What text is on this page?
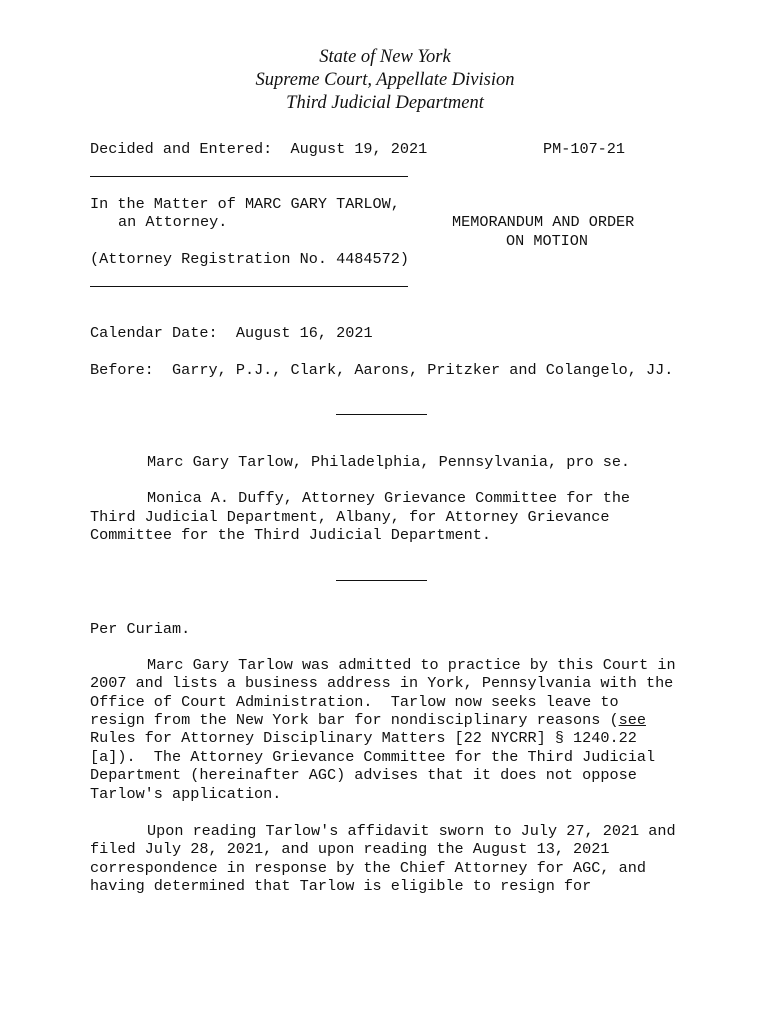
State of New York
Supreme Court, Appellate Division
Third Judicial Department
Decided and Entered: August 19, 2021	PM-107-21
In the Matter of MARC GARY TARLOW,
an Attorney.	MEMORANDUM AND ORDER
ON MOTION
(Attorney Registration No. 4484572)
Calendar Date: August 16, 2021
Before: Garry, P.J., Clark, Aarons, Pritzker and Colangelo, JJ.
Marc Gary Tarlow, Philadelphia, Pennsylvania, pro se.
Monica A. Duffy, Attorney Grievance Committee for the
Third Judicial Department, Albany, for Attorney Grievance
Committee for the Third Judicial Department.
Per Curiam.
Marc Gary Tarlow was admitted to practice by this Court in
2007 and lists a business address in York, Pennsylvania with the
Office of Court Administration.  Tarlow now seeks leave to
resign from the New York bar for nondisciplinary reasons (see
Rules for Attorney Disciplinary Matters [22 NYCRR] § 1240.22
[a]).  The Attorney Grievance Committee for the Third Judicial
Department (hereinafter AGC) advises that it does not oppose
Tarlow's application.
Upon reading Tarlow's affidavit sworn to July 27, 2021 and
filed July 28, 2021, and upon reading the August 13, 2021
correspondence in response by the Chief Attorney for AGC, and
having determined that Tarlow is eligible to resign for
